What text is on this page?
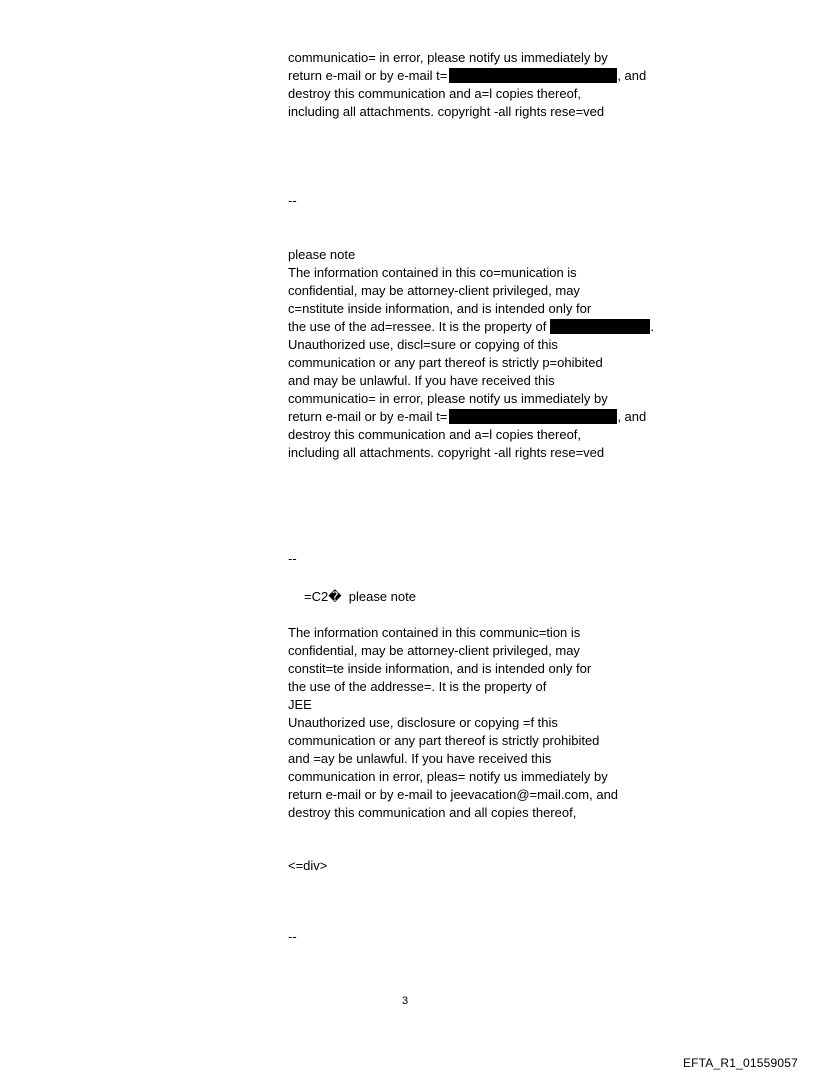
communicatio= in error, please notify us immediately by
return e-mail or by e-mail t=	, and
destroy this communication and a=l copies thereof,
including all attachments. copyright -all rights rese=ved
--
please note
The information contained in this co=munication is
confidential, may be attorney-client privileged, may
c=nstitute inside information, and is intended only for
the use of the ad=ressee. It is the property of	.
Unauthorized use, discl=sure or copying of this
communication or any part thereof is strictly p=ohibited
and may be unlawful. If you have received this
communicatio= in error, please notify us immediately by
return e-mail or by e-mail t=	, and
destroy this communication and a=l copies thereof,
including all attachments. copyright -all rights rese=ved
--
=C2�  please note
The information contained in this communic=tion is
confidential, may be attorney-client privileged, may
constit=te inside information, and is intended only for
the use of the addresse=. It is the property of
JEE
Unauthorized use, disclosure or copying =f this
communication or any part thereof is strictly prohibited
and =ay be unlawful. If you have received this
communication in error, pleas= notify us immediately by
return e-mail or by e-mail to jeevacation@=mail.com, and
destroy this communication and all copies thereof,
<=div>
--
3
EFTA_R1_01559057
